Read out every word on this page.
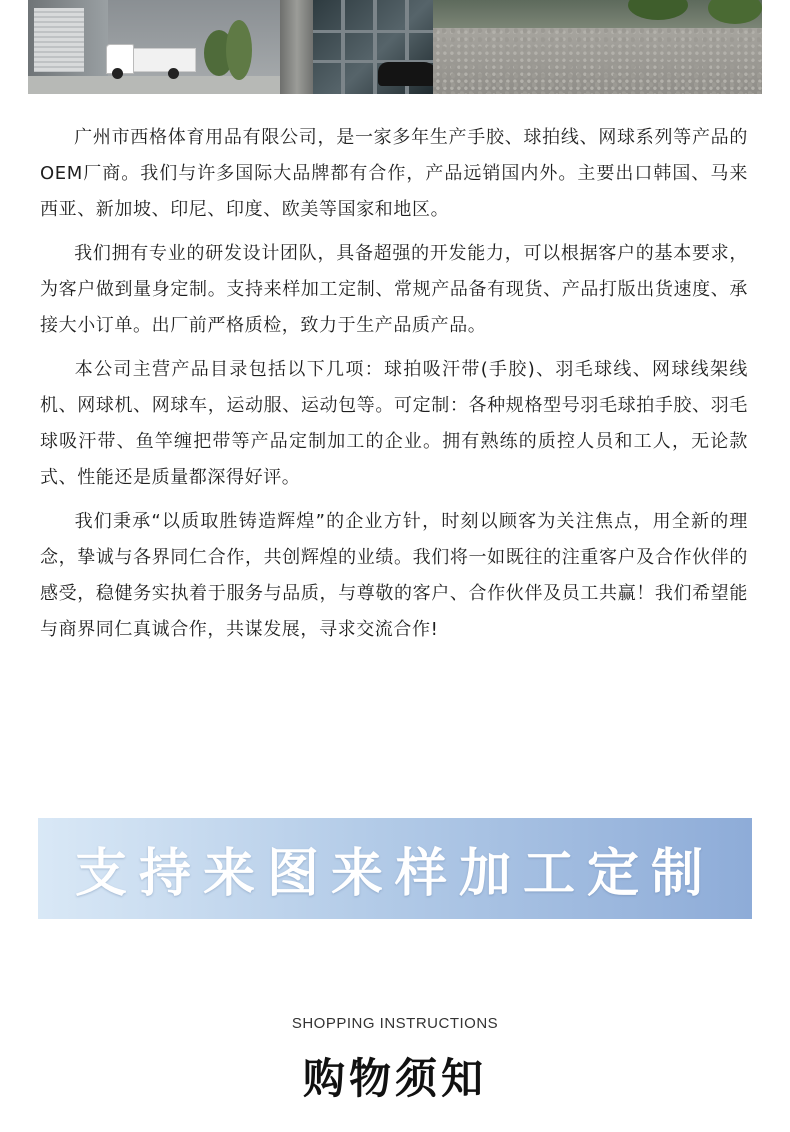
广州市西格体育用品有限公司，是一家多年生产手胶、球拍线、网球系列等产品的OEM厂商。我们与许多国际大品牌都有合作，产品远销国内外。主要出口韩国、马来西亚、新加坡、印尼、印度、欧美等国家和地区。

我们拥有专业的研发设计团队，具备超强的开发能力，可以根据客户的基本要求，为客户做到量身定制。支持来样加工定制、常规产品备有现货、产品打版出货速度、承接大小订单。出厂前严格质检，致力于生产品质产品。

本公司主营产品目录包括以下几项：球拍吸汗带(手胶)、羽毛球线、网球线架线机、网球机、网球车，运动服、运动包等。可定制：各种规格型号羽毛球拍手胶、羽毛球吸汗带、鱼竿缠把带等产品定制加工的企业。拥有熟练的质控人员和工人，无论款式、性能还是质量都深得好评。

我们秉承“以质取胜铸造辉煌”的企业方针，时刻以顾客为关注焦点，用全新的理念，挚诚与各界同仁合作，共创辉煌的业绩。我们将一如既往的注重客户及合作伙伴的感受，稳健务实执着于服务与品质，与尊敬的客户、合作伙伴及员工共赢！我们希望能与商界同仁真诚合作，共谋发展，寻求交流合作!

支持来图来样加工定制
SHOPPING INSTRUCTIONS
购物须知
